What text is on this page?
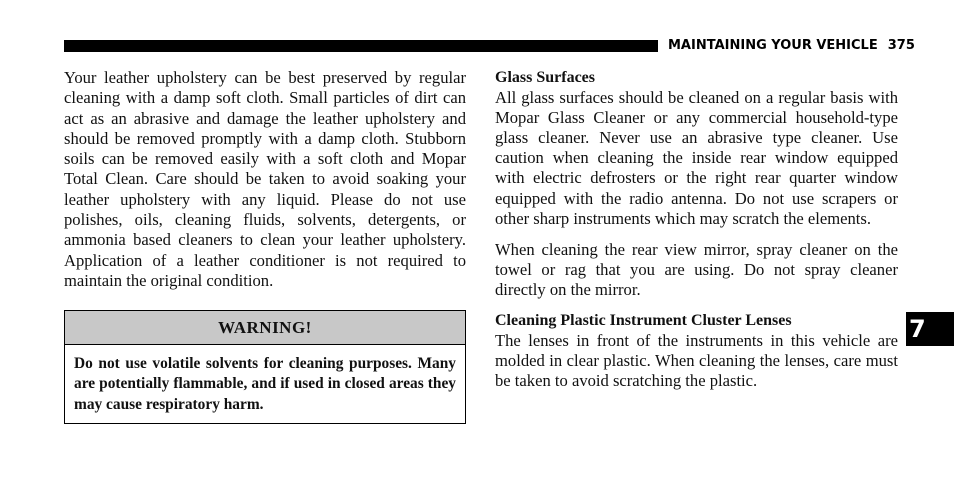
MAINTAINING YOUR VEHICLE 375

Your leather upholstery can be best preserved by regular cleaning with a damp soft cloth. Small particles of dirt can act as an abrasive and damage the leather upholstery and should be removed promptly with a damp cloth. Stubborn soils can be removed easily with a soft cloth and Mopar Total Clean. Care should be taken to avoid soaking your leather upholstery with any liquid. Please do not use polishes, oils, cleaning fluids, solvents, detergents, or ammonia based cleaners to clean your leather upholstery. Application of a leather conditioner is not required to maintain the original condition.

WARNING!
Do not use volatile solvents for cleaning purposes. Many are potentially flammable, and if used in closed areas they may cause respiratory harm.

Glass Surfaces

All glass surfaces should be cleaned on a regular basis with Mopar Glass Cleaner or any commercial household-type glass cleaner. Never use an abrasive type cleaner. Use caution when cleaning the inside rear window equipped with electric defrosters or the right rear quarter window equipped with the radio antenna. Do not use scrapers or other sharp instruments which may scratch the elements.

When cleaning the rear view mirror, spray cleaner on the towel or rag that you are using. Do not spray cleaner directly on the mirror.

Cleaning Plastic Instrument Cluster Lenses

The lenses in front of the instruments in this vehicle are molded in clear plastic. When cleaning the lenses, care must be taken to avoid scratching the plastic.

7
